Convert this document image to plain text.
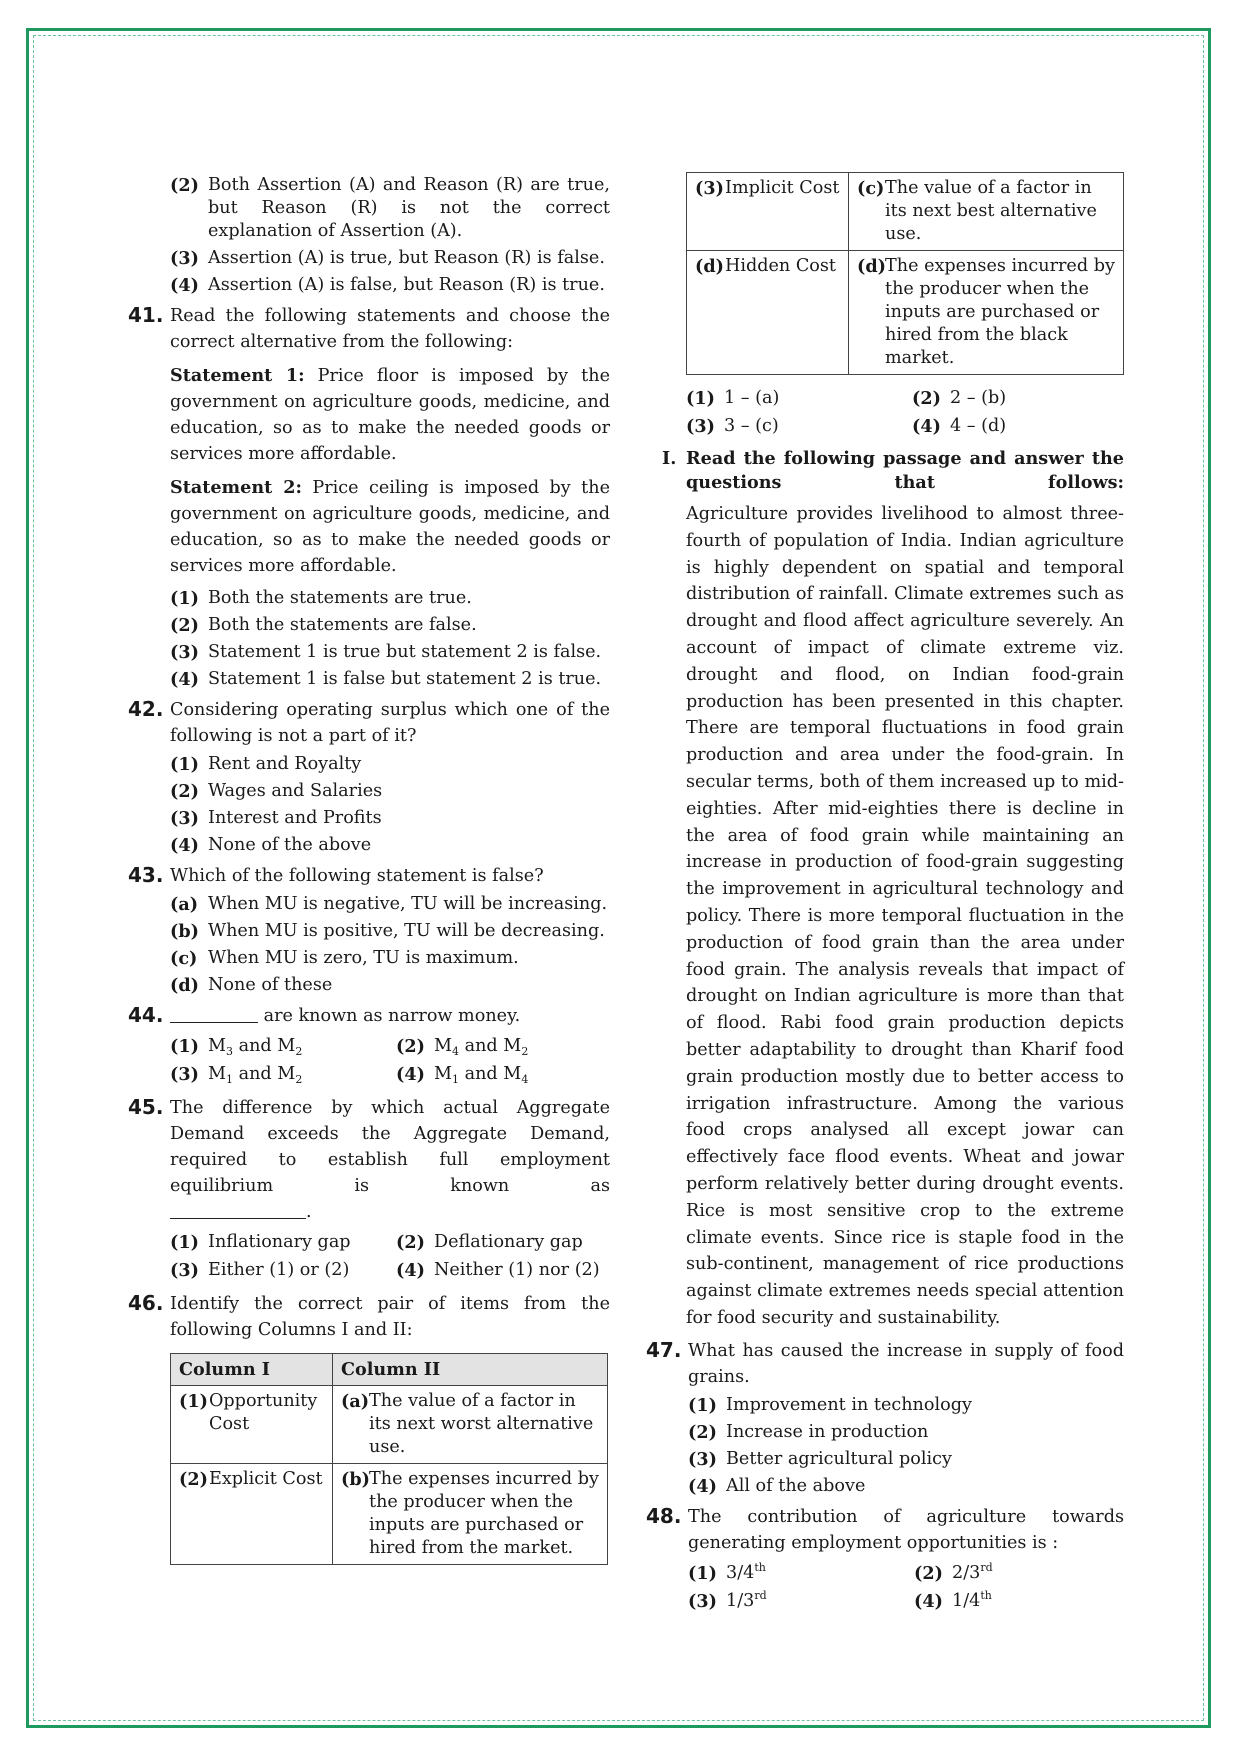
(2) Both Assertion (A) and Reason (R) are true, but Reason (R) is not the correct explanation of Assertion (A).
(3) Assertion (A) is true, but Reason (R) is false.
(4) Assertion (A) is false, but Reason (R) is true.
41. Read the following statements and choose the correct alternative from the following:
Statement 1: Price floor is imposed by the government on agriculture goods, medicine, and education, so as to make the needed goods or services more affordable.
Statement 2: Price ceiling is imposed by the government on agriculture goods, medicine, and education, so as to make the needed goods or services more affordable.
(1) Both the statements are true.
(2) Both the statements are false.
(3) Statement 1 is true but statement 2 is false.
(4) Statement 1 is false but statement 2 is true.
42. Considering operating surplus which one of the following is not a part of it?
(1) Rent and Royalty
(2) Wages and Salaries
(3) Interest and Profits
(4) None of the above
43. Which of the following statement is false?
(a) When MU is negative, TU will be increasing.
(b) When MU is positive, TU will be decreasing.
(c) When MU is zero, TU is maximum.
(d) None of these
44.	are known as narrow money.
(1) $M_3$ and $M_2$	(2) $M_4$ and $M_2$
(3) $M_1$ and $M_2$	(4) $M_1$ and $M_4$
45. The difference by which actual Aggregate Demand exceeds the Aggregate Demand, required to establish full employment equilibrium is known as
.
(1) Inflationary gap	(2) Deflationary gap
(3) Either (1) or (2)	(4) Neither (1) nor (2)
46. Identify the correct pair of items from the following Columns I and II:
Column I	Column II

(1) Opportunity Cost	(a) The value of a factor in its next worst alternative use.

(2) Explicit Cost	(b) The expenses incurred by the producer when the inputs are purchased or hired from the market.
(3) Implicit Cost	(c) The value of a factor in its next best alternative use.

(d) Hidden Cost	(d) The expenses incurred by the producer when the inputs are purchased or hired from the black market.
(1) 1 – (a)	(2) 2 – (b)
(3) 3 – (c)	(4) 4 – (d)
I. Read the following passage and answer the questions that follows:
Agriculture provides livelihood to almost three-fourth of population of India. Indian agriculture is highly dependent on spatial and temporal distribution of rainfall. Climate extremes such as drought and flood affect agriculture severely. An account of impact of climate extreme viz. drought and flood, on Indian food-grain production has been presented in this chapter. There are temporal fluctuations in food grain production and area under the food-grain. In secular terms, both of them increased up to mid-eighties. After mid-eighties there is decline in the area of food grain while maintaining an increase in production of food-grain suggesting the improvement in agricultural technology and policy. There is more temporal fluctuation in the production of food grain than the area under food grain. The analysis reveals that impact of drought on Indian agriculture is more than that of flood. Rabi food grain production depicts better adaptability to drought than Kharif food grain production mostly due to better access to irrigation infrastructure. Among the various food crops analysed all except jowar can effectively face flood events. Wheat and jowar perform relatively better during drought events. Rice is most sensitive crop to the extreme climate events. Since rice is staple food in the sub-continent, management of rice productions against climate extremes needs special attention for food security and sustainability.
47. What has caused the increase in supply of food grains.
(1) Improvement in technology
(2) Increase in production
(3) Better agricultural policy
(4) All of the above
48. The contribution of agriculture towards generating employment opportunities is :
(1) 3/4th	(2) 2/3rd
(3) 1/3rd	(4) 1/4th
